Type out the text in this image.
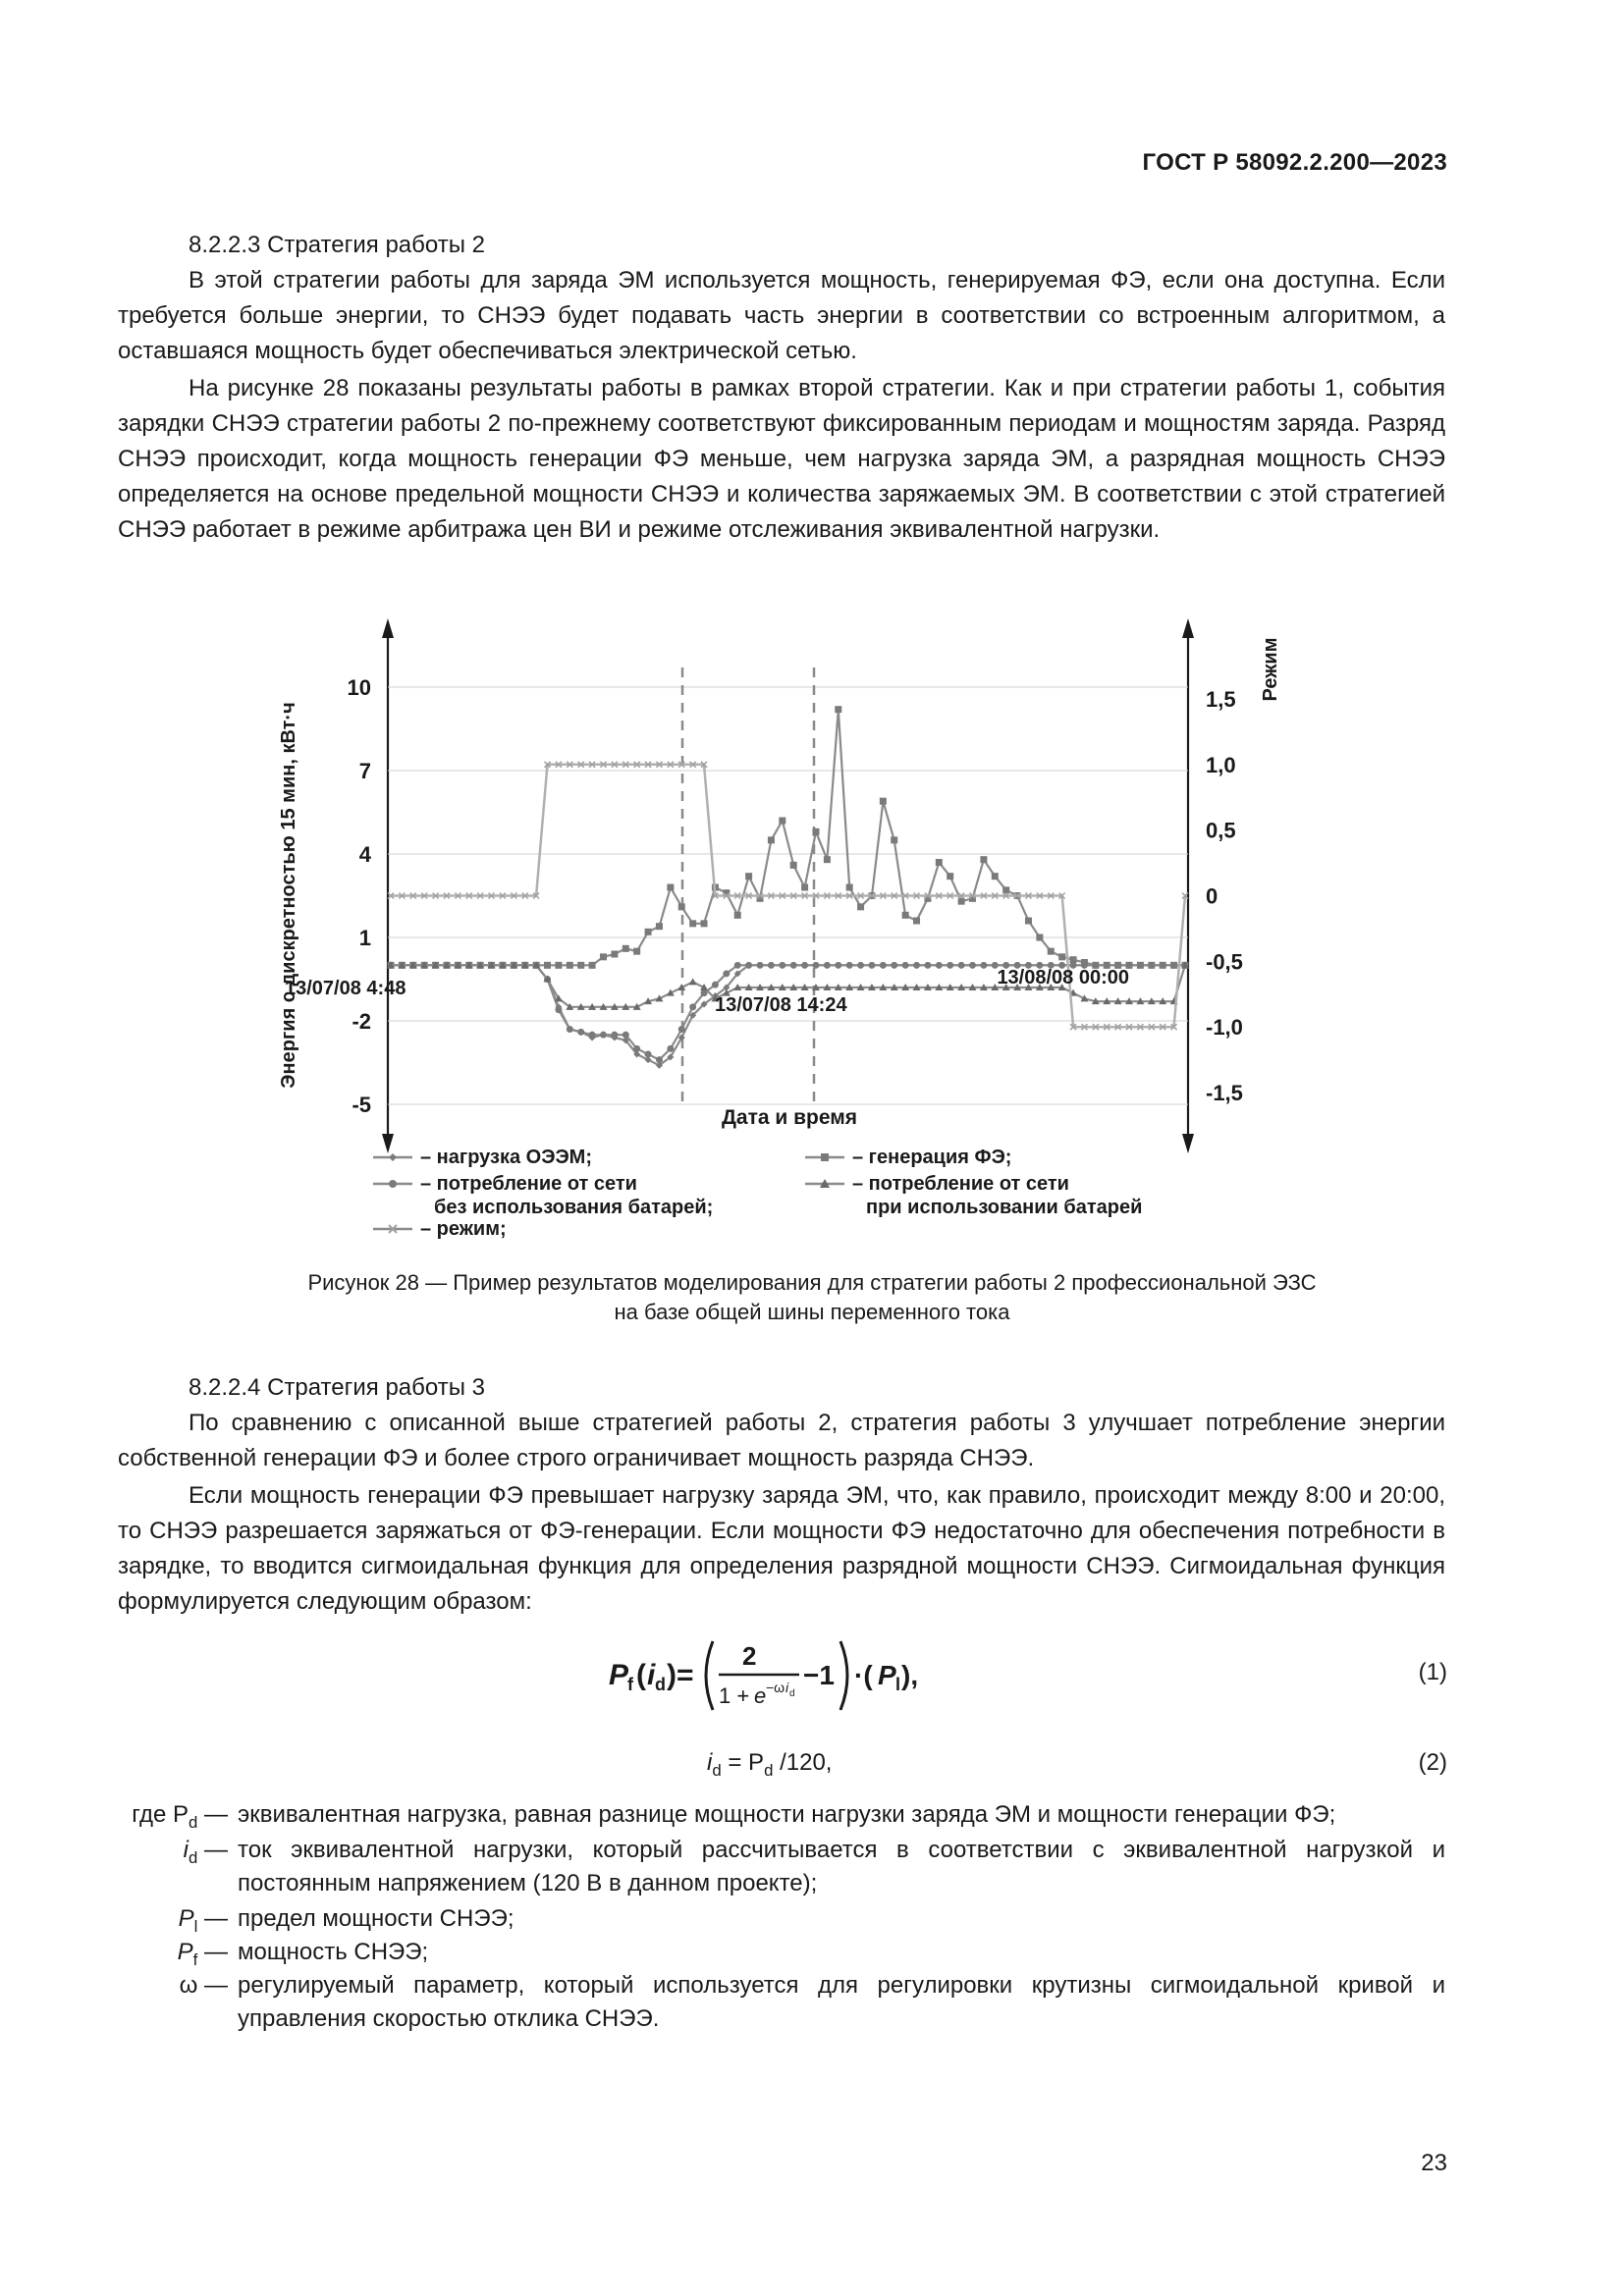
ГОСТ Р 58092.2.200—2023

8.2.2.3 Стратегия работы 2

В этой стратегии работы для заряда ЭМ используется мощность, генерируемая ФЭ, если она доступна. Если требуется больше энергии, то СНЭЭ будет подавать часть энергии в соответствии со встроенным алгоритмом, а оставшаяся мощность будет обеспечиваться электрической сетью.

На рисунке 28 показаны результаты работы в рамках второй стратегии. Как и при стратегии работы 1, события зарядки СНЭЭ стратегии работы 2 по-прежнему соответствуют фиксированным периодам и мощностям заряда. Разряд СНЭЭ происходит, когда мощность генерации ФЭ меньше, чем нагрузка заряда ЭМ, а разрядная мощность СНЭЭ определяется на основе предельной мощности СНЭЭ и количества заряжаемых ЭМ. В соответствии с этой стратегией СНЭЭ работает в режиме арбитража цен ВИ и режиме отслеживания эквивалентной нагрузки.

10
7
4
1
-2
-5
1,5
1,0
0,5
0
-0,5
-1,0
-1,5
Энергия с дискретностью 15 мин, кВт·ч
Режим
Дата и время
13/07/08 4:48
13/07/08 14:24
13/08/08 00:00
– нагрузка ОЭЭМ;	– генерация ФЭ;
– потребление от сети
без использования батарей;
– потребление от сети
при использовании батарей
– режим;
Рисунок 28 — Пример результатов моделирования для стратегии работы 2 профессиональной ЭЗС
на базе общей шины переменного тока

8.2.2.4 Стратегия работы 3

По сравнению с описанной выше стратегией работы 2, стратегия работы 3 улучшает потребление энергии собственной генерации ФЭ и более строго ограничивает мощность разряда СНЭЭ.

Если мощность генерации ФЭ превышает нагрузку заряда ЭМ, что, как правило, происходит между 8:00 и 20:00, то СНЭЭ разрешается заряжаться от ФЭ-генерации. Если мощности ФЭ недостаточно для обеспечения потребности в зарядке, то вводится сигмоидальная функция для определения разрядной мощности СНЭЭ. Сигмоидальная функция формулируется следующим образом:

P
f ( i d )=
2
1 + e −ω i d
−1 ·( P l ),	(1)
$i_d = P_d$ /120,	(2)
где $P_d$ — эквивалентная нагрузка, равная разнице мощности нагрузки заряда ЭМ и мощности генерации ФЭ;
$i_d$ — ток эквивалентной нагрузки, который рассчитывается в соответствии с эквивалентной нагрузкой и постоянным напряжением (120 В в данном проекте);
$P_l$ — предел мощности СНЭЭ;
$P_f$ — мощность СНЭЭ;
ω — регулируемый параметр, который используется для регулировки крутизны сигмоидальной кривой и управления скоростью отклика СНЭЭ.
23
